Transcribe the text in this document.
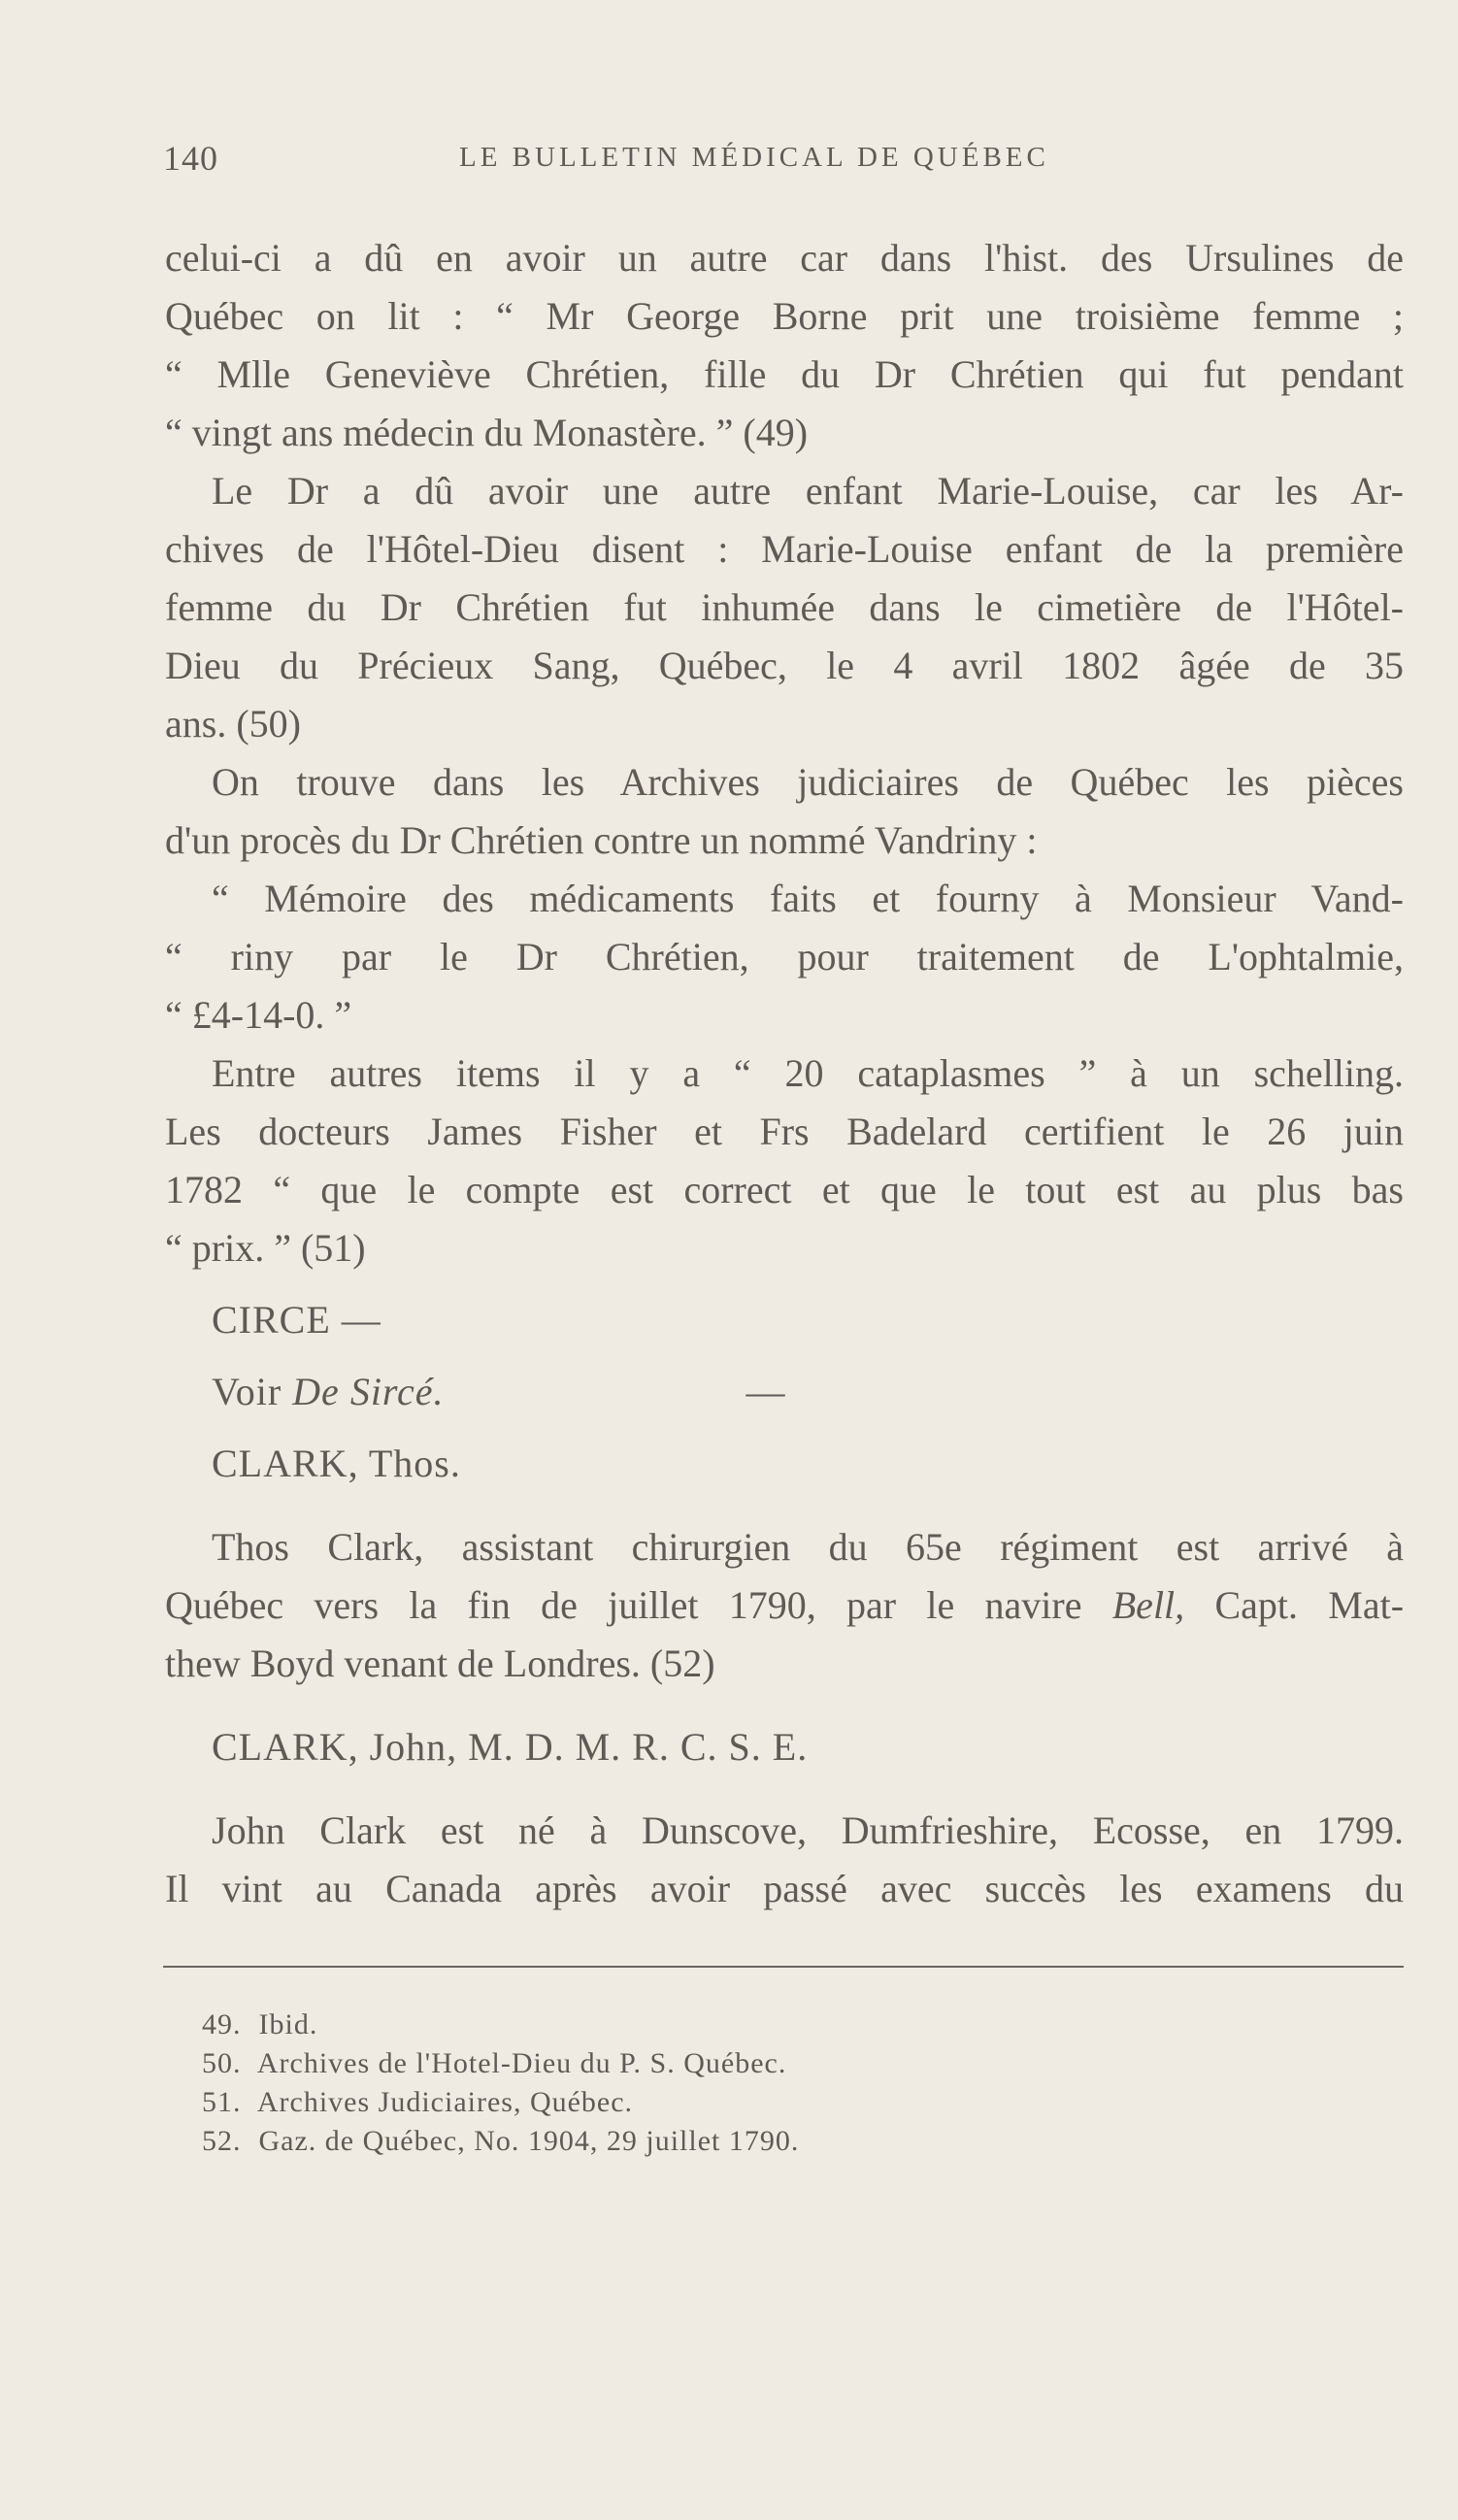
140	LE BULLETIN MÉDICAL DE QUÉBEC

celui-ci a dû en avoir un autre car dans l'hist. des Ursulines de
Québec on lit : “ Mr George Borne prit une troisième femme ;
“ Mlle Geneviève Chrétien, fille du Dr Chrétien qui fut pendant
“ vingt ans médecin du Monastère. ” (49)

Le Dr a dû avoir une autre enfant Marie-Louise, car les Ar-
chives de l'Hôtel-Dieu disent : Marie-Louise enfant de la première
femme du Dr Chrétien fut inhumée dans le cimetière de l'Hôtel-
Dieu du Précieux Sang, Québec, le 4 avril 1802 âgée de 35
ans. (50)

On trouve dans les Archives judiciaires de Québec les pièces
d'un procès du Dr Chrétien contre un nommé Vandriny :

“ Mémoire des médicaments faits et fourny à Monsieur Vand-
“ riny par le Dr Chrétien, pour traitement de L'ophtalmie,
“ £4-14-0. ”

Entre autres items il y a “ 20 cataplasmes ” à un schelling.
Les docteurs James Fisher et Frs Badelard certifient le 26 juin
1782 “ que le compte est correct et que le tout est au plus bas
“ prix. ” (51)

CIRCE —

Voir De Sircé.	—

CLARK, Thos.

Thos Clark, assistant chirurgien du 65e régiment est arrivé à
Québec vers la fin de juillet 1790, par le navire Bell, Capt. Mat-
thew Boyd venant de Londres. (52)

CLARK, John, M. D. M. R. C. S. E.

John Clark est né à Dunscove, Dumfrieshire, Ecosse, en 1799.
Il vint au Canada après avoir passé avec succès les examens du

49. Ibid.
50. Archives de l'Hotel-Dieu du P. S. Québec.
51. Archives Judiciaires, Québec.
52. Gaz. de Québec, No. 1904, 29 juillet 1790.
